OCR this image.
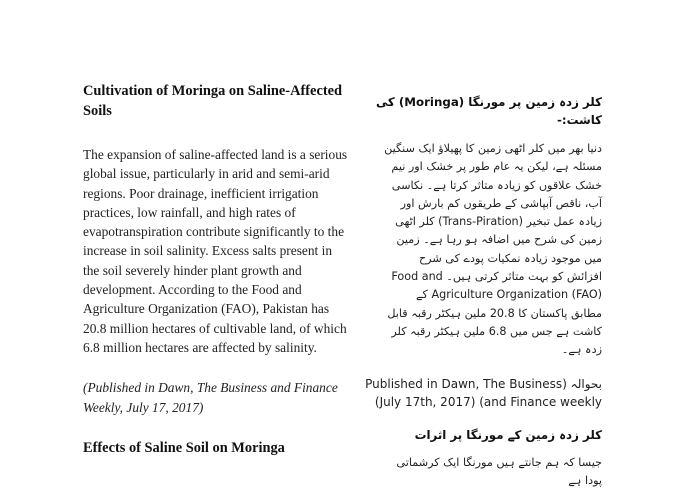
Cultivation of Moringa on Saline-Affected Soils

The expansion of saline-affected land is a serious global issue, particularly in arid and semi-arid regions. Poor drainage, inefficient irrigation practices, low rainfall, and high rates of evapotranspiration contribute significantly to the increase in soil salinity. Excess salts present in the soil severely hinder plant growth and development. According to the Food and Agriculture Organization (FAO), Pakistan has 20.8 million hectares of cultivable land, of which 6.8 million hectares are affected by salinity.

(Published in Dawn, The Business and Finance Weekly, July 17, 2017)

Effects of Saline Soil on Moringa
کلر زدہ زمین پر مورنگا (Moringa) کی کاشت:-

دنیا بھر میں کلر اٹھی زمین کا پھیلاؤ ایک سنگین مسئلہ ہے، لیکن یہ عام طور پر خشک اور نیم خشک علاقوں کو زیادہ متاثر کرتا ہے۔ نکاسی آب، ناقص آبپاشی کے طریقوں کم بارش اور زیادہ عمل تبخیر (Trans-Piration) کلر اٹھی زمین کی شرح میں اضافہ ہو رہا ہے۔ زمین میں موجود زیادہ نمکیات پودے کی شرح افزائش کو بہت متاثر کرتی ہیں۔ Food and Agriculture Organization (FAO) کے مطابق پاکستان کا 20.8 ملین ہیکٹر رقبہ قابل کاشت ہے جس میں 6.8 ملین ہیکٹر رقبہ کلر زدہ ہے۔

بحوالہ (Published in Dawn, The Business and Finance weekly) (July 17th, 2017)

کلر زدہ زمین کے مورنگا پر اثرات

جیسا کہ ہم جانتے ہیں مورنگا ایک کرشماتی پودا ہے
